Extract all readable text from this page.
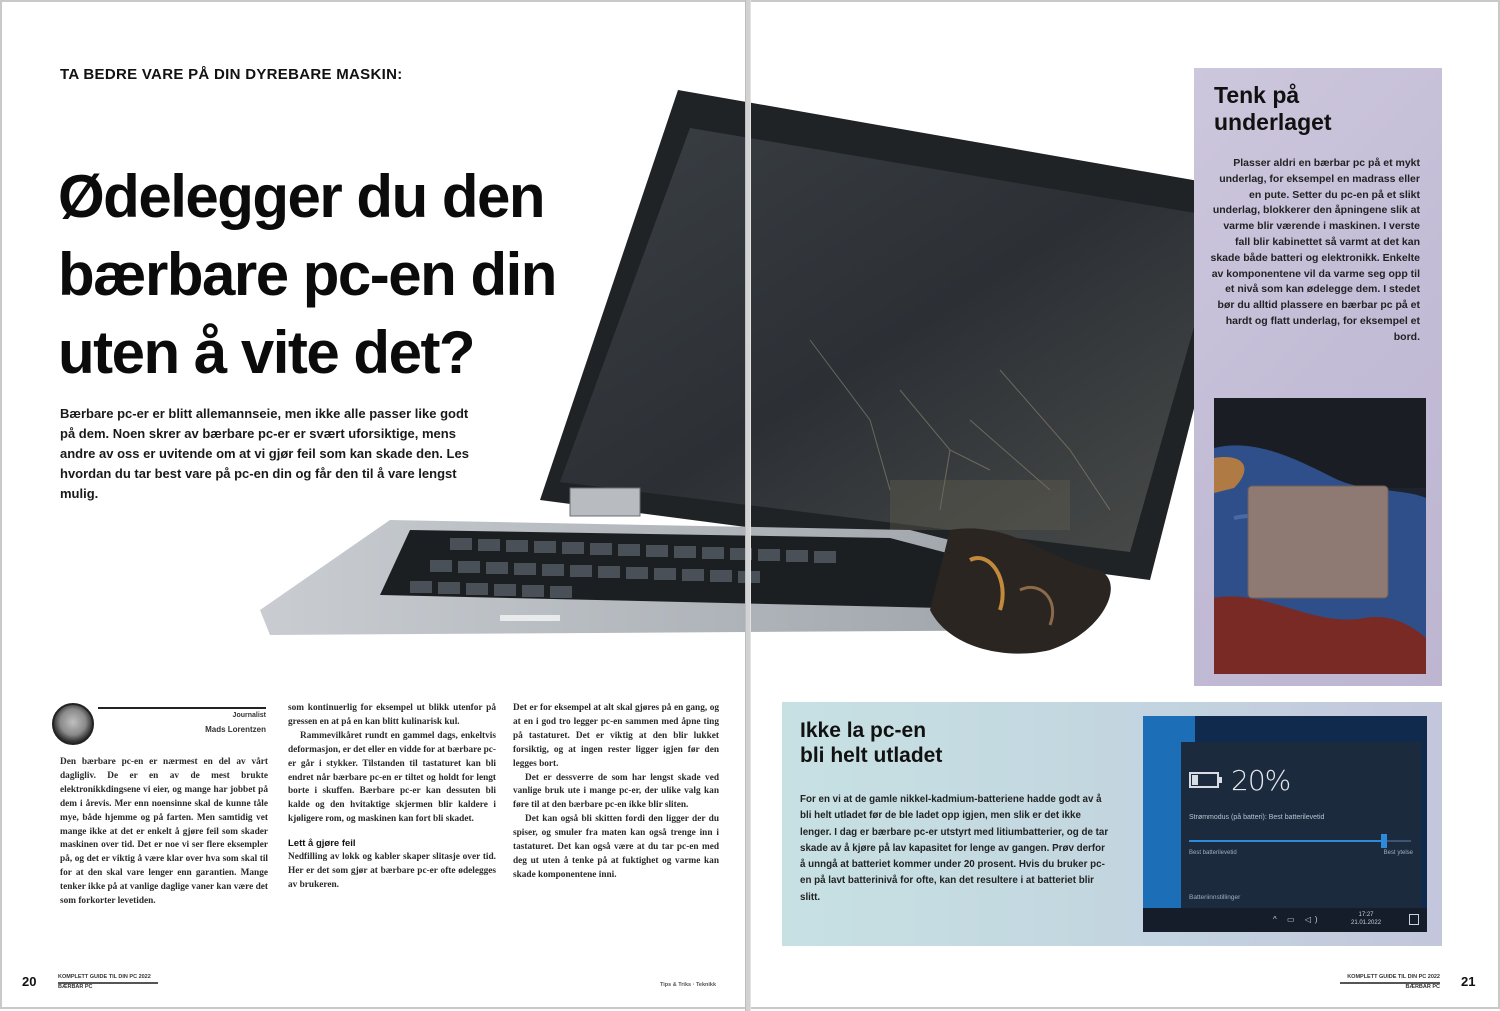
TA BEDRE VARE PÅ DIN DYREBARE MASKIN:
Ødelegger du den
bærbare pc-en din
uten å vite det?
Bærbare pc-er er blitt allemannseie, men ikke alle passer like godt på dem. Noen skrer av bærbare pc-er er svært uforsiktige, mens andre av oss er uvitende om at vi gjør feil som kan skade den. Les hvordan du tar best vare på pc-en din og får den til å vare lengst mulig.
Journalist
Mads Lorentzen

Den bærbare pc-en er nærmest en del av vårt dagligliv. De er en av de mest brukte elektronikkdingsene vi eier, og mange har jobbet på dem i årevis. Mer enn noensinne skal de kunne tåle mye, både hjemme og på farten. Men samtidig vet mange ikke at det er enkelt å gjøre feil som skader maskinen over tid. Det er noe vi ser flere eksempler på, og det er viktig å være klar over hva som skal til for at den skal vare lenger enn garantien. Mange tenker ikke på at vanlige daglige vaner kan være det som forkorter levetiden.

som kontinuerlig for eksempel ut blikk utenfor på gressen en at på en kan blitt kulinarisk kul.

Rammevilkåret rundt en gammel dags, enkeltvis deformasjon, er det eller en vidde for at bærbare pc-er går i stykker. Tilstanden til tastaturet kan bli endret når bærbare pc-en er tiltet og holdt for lengt borte i skuffen. Bærbare pc-er kan dessuten bli kalde og den hvitaktige skjermen blir kaldere i kjøligere rom, og maskinen kan fort bli skadet.

Lett å gjøre feil

Nedfilling av lokk og kabler skaper slitasje over tid. Her er det som gjør at bærbare pc-er ofte ødelegges av brukeren.

Det er for eksempel at alt skal gjøres på en gang, og at en i god tro legger pc-en sammen med åpne ting på tastaturet. Det er viktig at den blir lukket forsiktig, og at ingen rester ligger igjen før den legges bort.

Det er dessverre de som har lengst skade ved vanlige bruk ute i mange pc-er, der ulike valg kan føre til at den bærbare pc-en ikke blir sliten.

Det kan også bli skitten fordi den ligger der du spiser, og smuler fra maten kan også trenge inn i tastaturet. Det kan også være at du tar pc-en med deg ut uten å tenke på at fuktighet og varme kan skade komponentene inni.

Tenk på
underlaget
Plasser aldri en bærbar pc på et mykt underlag, for eksempel en madrass eller en pute. Setter du pc-en på et slikt underlag, blokkerer den åpningene slik at varme blir værende i maskinen. I verste fall blir kabinettet så varmt at det kan skade både batteri og elektronikk. Enkelte av komponentene vil da varme seg opp til et nivå som kan ødelegge dem. I stedet bør du alltid plassere en bærbar pc på et hardt og flatt underlag, for eksempel et bord.
Ikke la pc-en
bli helt utladet
For en vi at de gamle nikkel-kadmium-batteriene hadde godt av å bli helt utladet før de ble ladet opp igjen, men slik er det ikke lenger. I dag er bærbare pc-er utstyrt med litiumbatterier, og de tar skade av å kjøre på lav kapasitet for lenge av gangen. Prøv derfor å unngå at batteriet kommer under 20 prosent. Hvis du bruker pc-en på lavt batterinivå for ofte, kan det resultere i at batteriet blir slitt.
20%
Strømmodus (på batteri): Best batterilevetid
Best batterilevetid	Best ytelse
Batteriinnstillinger
^ ▭ ◁)	17:27
21.01.2022
20	KOMPLETT GUIDE TIL DIN PC 2022
BÆRBAR PC	Tips & Triks · Teknikk
KOMPLETT GUIDE TIL DIN PC 2022
BÆRBAR PC 21
